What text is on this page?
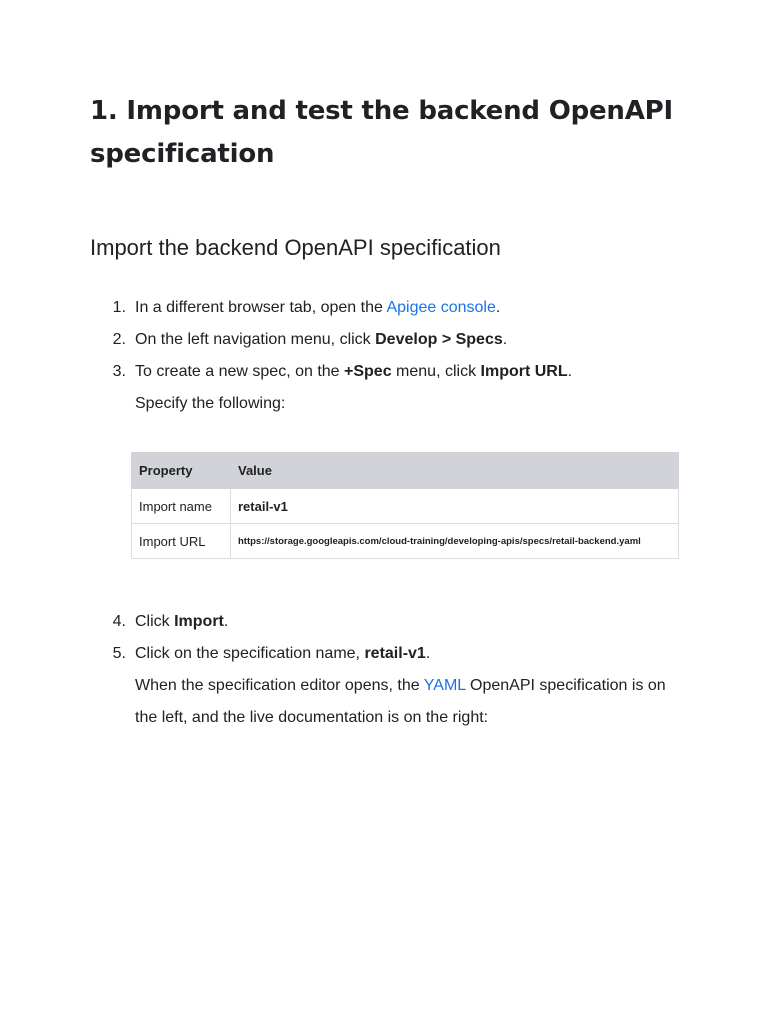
1. Import and test the backend OpenAPI specification
Import the backend OpenAPI specification
1. In a different browser tab, open the Apigee console.
2. On the left navigation menu, click Develop > Specs.
3. To create a new spec, on the +Spec menu, click Import URL.
Specify the following:
Property	Value
Import name	retail-v1
Import URL	https://storage.googleapis.com/cloud-training/developing-apis/specs/retail-backend.yaml
4. Click Import.
5. Click on the specification name, retail-v1.
When the specification editor opens, the YAML OpenAPI specification is on the left, and the live documentation is on the right:
